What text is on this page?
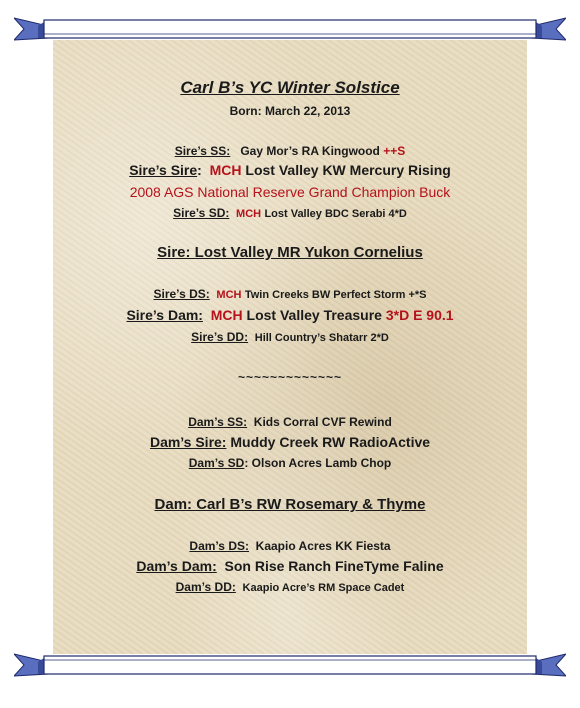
Carl B’s YC Winter Solstice
Born: March 22, 2013
Sire’s SS: Gay Mor’s RA Kingwood ++S
Sire’s Sire: MCH Lost Valley KW Mercury Rising
2008 AGS National Reserve Grand Champion Buck
Sire’s SD: MCH Lost Valley BDC Serabi 4*D
Sire: Lost Valley MR Yukon Cornelius
Sire’s DS: MCH Twin Creeks BW Perfect Storm +*S
Sire’s Dam: MCH Lost Valley Treasure 3*D E 90.1
Sire’s DD: Hill Country’s Shatarr 2*D
~~~~~~~~~~~~~
Dam’s SS: Kids Corral CVF Rewind
Dam’s Sire: Muddy Creek RW RadioActive
Dam’s SD: Olson Acres Lamb Chop
Dam: Carl B’s RW Rosemary & Thyme
Dam’s DS: Kaapio Acres KK Fiesta
Dam’s Dam: Son Rise Ranch FineTyme Faline
Dam’s DD: Kaapio Acre’s RM Space Cadet
